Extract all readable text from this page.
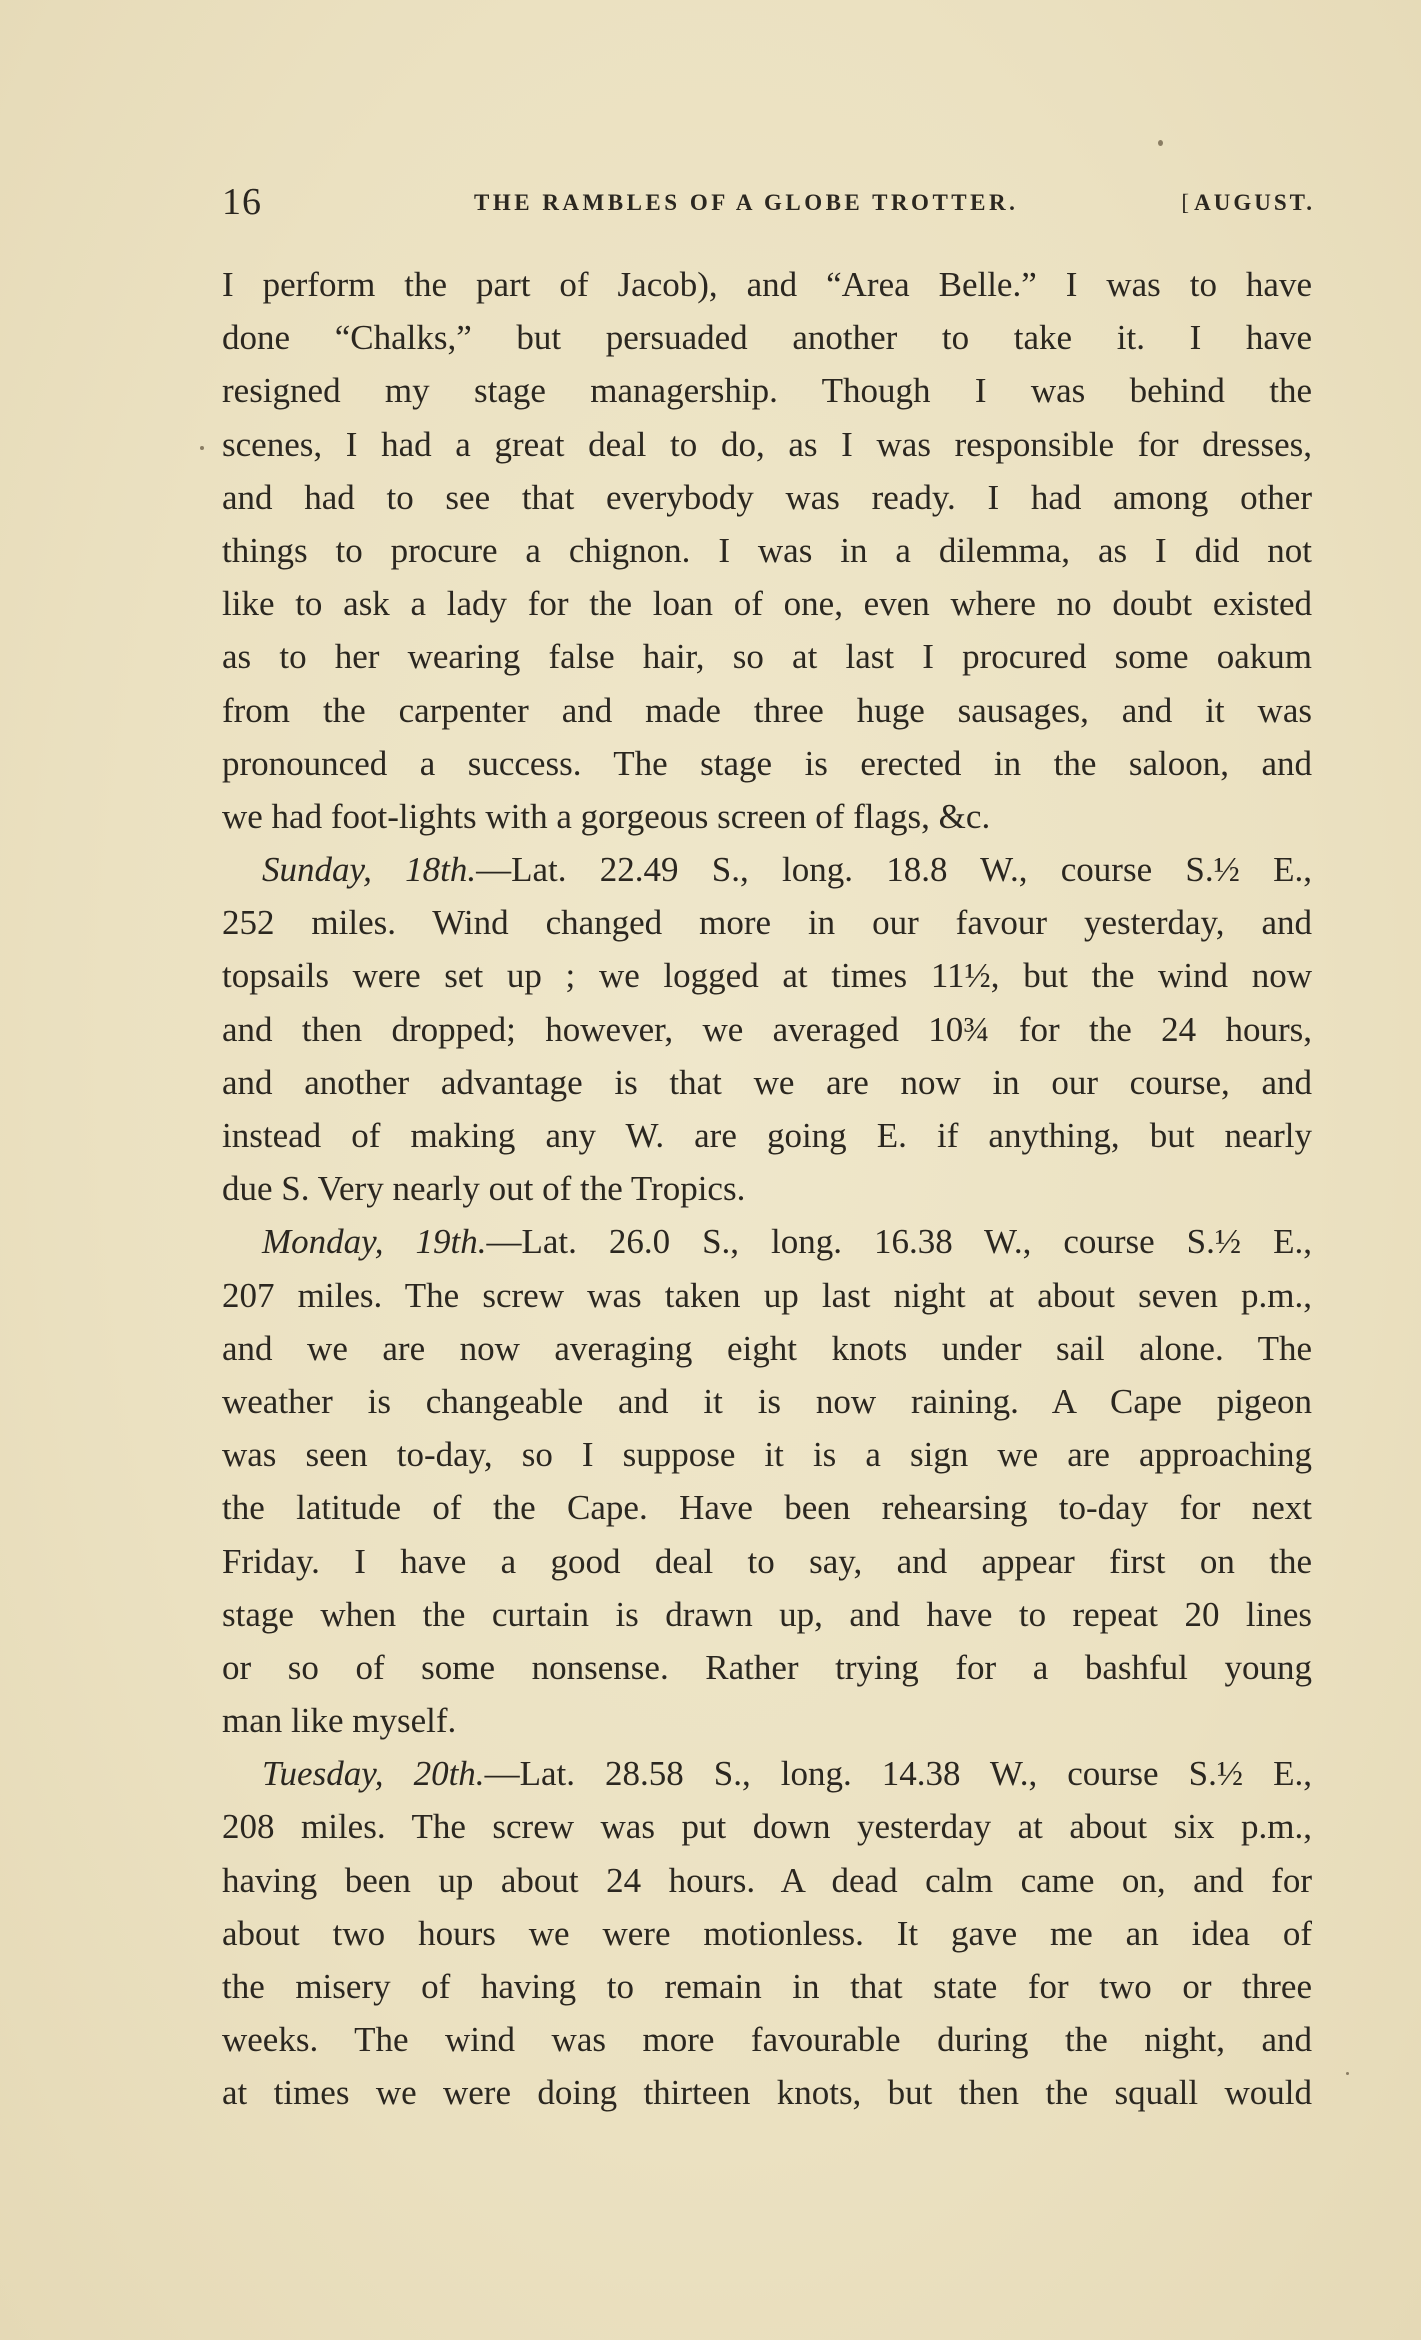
16	THE RAMBLES OF A GLOBE TROTTER.	[AUGUST.
I perform the part of Jacob), and “Area Belle.” I was to have
done “Chalks,” but persuaded another to take it. I have
resigned my stage managership. Though I was behind the
scenes, I had a great deal to do, as I was responsible for dresses,
and had to see that everybody was ready. I had among other
things to procure a chignon. I was in a dilemma, as I did not
like to ask a lady for the loan of one, even where no doubt existed
as to her wearing false hair, so at last I procured some oakum
from the carpenter and made three huge sausages, and it was
pronounced a success. The stage is erected in the saloon, and
we had foot-lights with a gorgeous screen of flags, &c.
Sunday, 18th.—Lat. 22.49 S., long. 18.8 W., course S.½ E.,
252 miles. Wind changed more in our favour yesterday, and
topsails were set up ; we logged at times 11½, but the wind now
and then dropped; however, we averaged 10¾ for the 24 hours,
and another advantage is that we are now in our course, and
instead of making any W. are going E. if anything, but nearly
due S. Very nearly out of the Tropics.
Monday, 19th.—Lat. 26.0 S., long. 16.38 W., course S.½ E.,
207 miles. The screw was taken up last night at about seven p.m.,
and we are now averaging eight knots under sail alone. The
weather is changeable and it is now raining. A Cape pigeon
was seen to-day, so I suppose it is a sign we are approaching
the latitude of the Cape. Have been rehearsing to-day for next
Friday. I have a good deal to say, and appear first on the
stage when the curtain is drawn up, and have to repeat 20 lines
or so of some nonsense. Rather trying for a bashful young
man like myself.
Tuesday, 20th.—Lat. 28.58 S., long. 14.38 W., course S.½ E.,
208 miles. The screw was put down yesterday at about six p.m.,
having been up about 24 hours. A dead calm came on, and for
about two hours we were motionless. It gave me an idea of
the misery of having to remain in that state for two or three
weeks. The wind was more favourable during the night, and
at times we were doing thirteen knots, but then the squall would
